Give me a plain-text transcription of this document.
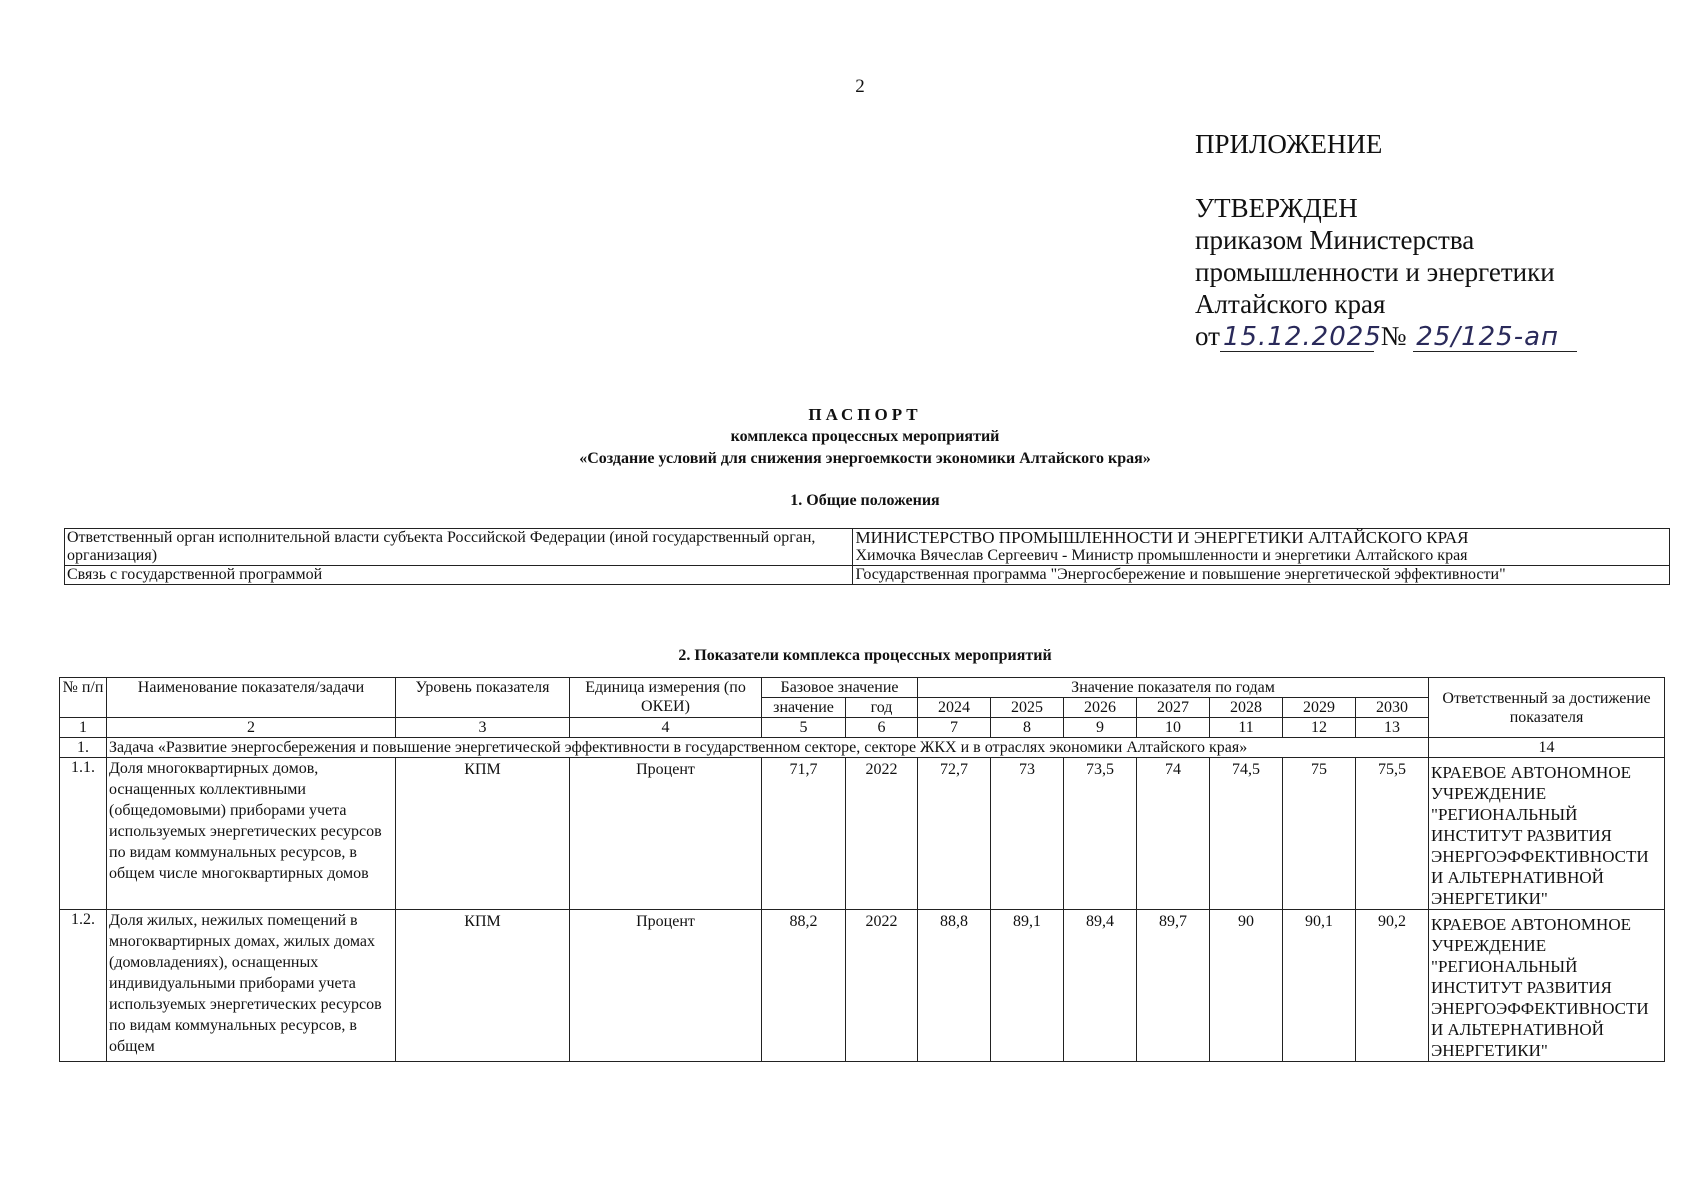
2
ПРИЛОЖЕНИЕ
УТВЕРЖДЕН
приказом Министерства
промышленности и энергетики
Алтайского края
от 15.12.2025 № 25/125-ап
ПАСПОРТ
комплекса процессных мероприятий
«Создание условий для снижения энергоемкости экономики Алтайского края»
1. Общие положения
Ответственный орган исполнительной власти субъекта Российской Федерации (иной государственный орган, организация)	МИНИСТЕРСТВО ПРОМЫШЛЕННОСТИ И ЭНЕРГЕТИКИ АЛТАЙСКОГО КРАЯ
Химочка Вячеслав Сергеевич - Министр промышленности и энергетики Алтайского края

Связь с государственной программой	Государственная программа "Энергосбережение и повышение энергетической эффективности"
2. Показатели комплекса процессных мероприятий
№ п/п	Наименование показателя/задачи	Уровень показателя	Единица измерения (по ОКЕИ)	Базовое значение		Значение показателя по годам							Ответственный за достижение показателя
				значение	год	2024	2025	2026	2027	2028	2029	2030	
1	2	3	4	5	6	7	8	9	10	11	12	13	
1.	Задача «Развитие энергосбережения и повышение энергетической эффективности в государственном секторе, секторе ЖКХ и в отраслях экономики Алтайского края»												14
1.1.	Доля многоквартирных домов, оснащенных коллективными (общедомовыми) приборами учета используемых энергетических ресурсов по видам коммунальных ресурсов, в общем числе многоквартирных домов	КПМ	Процент	71,7	2022	72,7	73	73,5	74	74,5	75	75,5	КРАЕВОЕ АВТОНОМНОЕ УЧРЕЖДЕНИЕ "РЕГИОНАЛЬНЫЙ ИНСТИТУТ РАЗВИТИЯ ЭНЕРГОЭФФЕКТИВНОСТИ И АЛЬТЕРНАТИВНОЙ ЭНЕРГЕТИКИ"
1.2.	Доля жилых, нежилых помещений в многоквартирных домах, жилых домах (домовладениях), оснащенных индивидуальными приборами учета используемых энергетических ресурсов по видам коммунальных ресурсов, в общем	КПМ	Процент	88,2	2022	88,8	89,1	89,4	89,7	90	90,1	90,2	КРАЕВОЕ АВТОНОМНОЕ УЧРЕЖДЕНИЕ "РЕГИОНАЛЬНЫЙ ИНСТИТУТ РАЗВИТИЯ ЭНЕРГОЭФФЕКТИВНОСТИ И АЛЬТЕРНАТИВНОЙ ЭНЕРГЕТИКИ"
